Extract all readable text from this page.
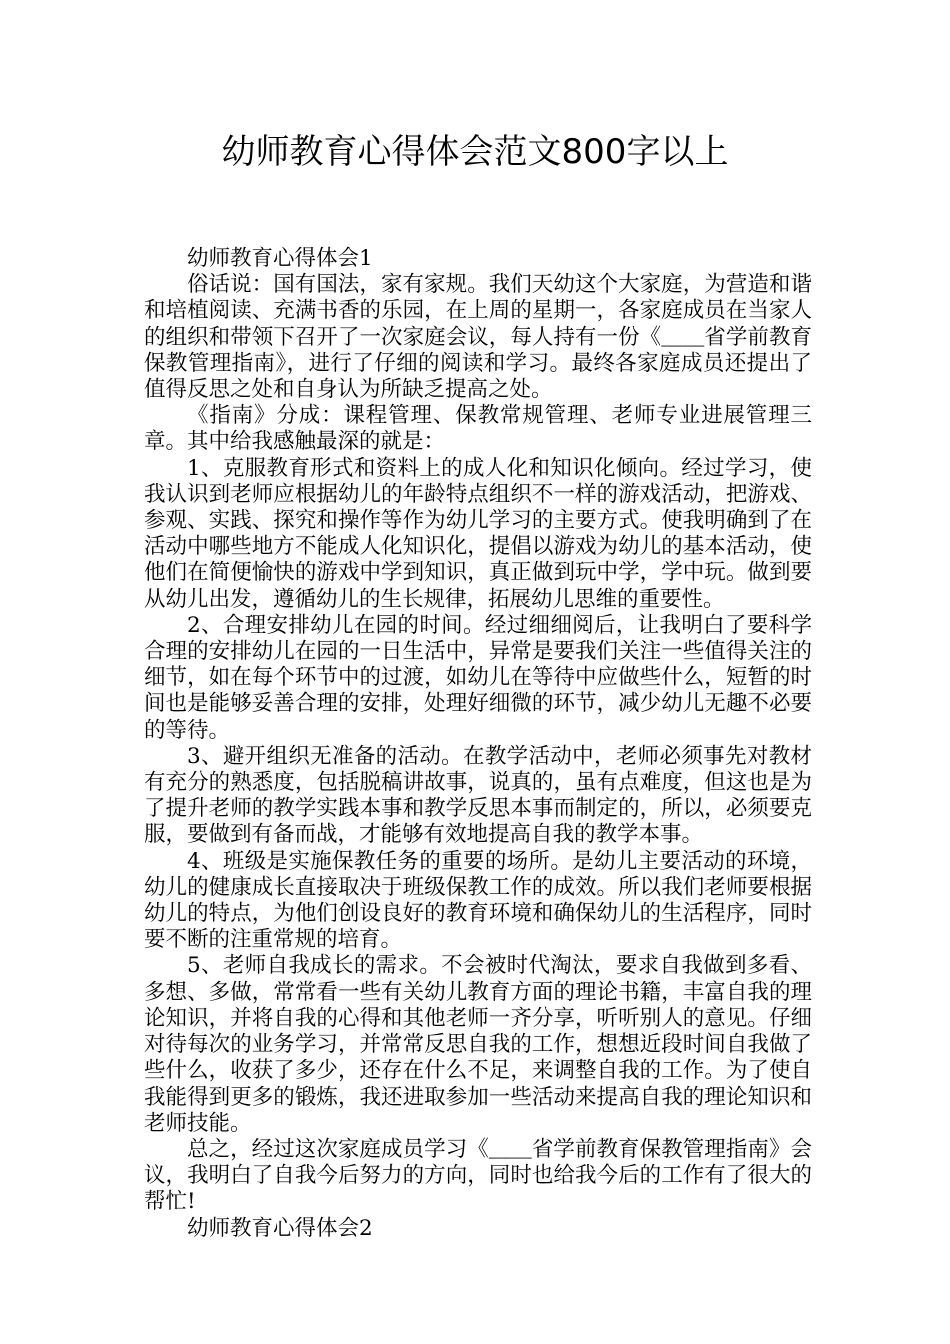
幼师教育心得体会范文800字以上

幼师教育心得体会1

俗话说：国有国法，家有家规。我们天幼这个大家庭，为营造和谐和培植阅读、充满书香的乐园，在上周的星期一，各家庭成员在当家人的组织和带领下召开了一次家庭会议，每人持有一份《＿＿省学前教育保教管理指南》，进行了仔细的阅读和学习。最终各家庭成员还提出了值得反思之处和自身认为所缺乏提高之处。

《指南》分成：课程管理、保教常规管理、老师专业进展管理三章。其中给我感触最深的就是：

1、克服教育形式和资料上的成人化和知识化倾向。经过学习，使我认识到老师应根据幼儿的年龄特点组织不一样的游戏活动，把游戏、参观、实践、探究和操作等作为幼儿学习的主要方式。使我明确到了在活动中哪些地方不能成人化知识化，提倡以游戏为幼儿的基本活动，使他们在简便愉快的游戏中学到知识，真正做到玩中学，学中玩。做到要从幼儿出发，遵循幼儿的生长规律，拓展幼儿思维的重要性。

2、合理安排幼儿在园的时间。经过细细阅后，让我明白了要科学合理的安排幼儿在园的一日生活中，异常是要我们关注一些值得关注的细节，如在每个环节中的过渡，如幼儿在等待中应做些什么，短暂的时间也是能够妥善合理的安排，处理好细微的环节，减少幼儿无趣不必要的等待。

3、避开组织无准备的活动。在教学活动中，老师必须事先对教材有充分的熟悉度，包括脱稿讲故事，说真的，虽有点难度，但这也是为了提升老师的教学实践本事和教学反思本事而制定的，所以，必须要克服，要做到有备而战，才能够有效地提高自我的教学本事。

4、班级是实施保教任务的重要的场所。是幼儿主要活动的环境，幼儿的健康成长直接取决于班级保教工作的成效。所以我们老师要根据幼儿的特点，为他们创设良好的教育环境和确保幼儿的生活程序，同时要不断的注重常规的培育。

5、老师自我成长的需求。不会被时代淘汰，要求自我做到多看、多想、多做，常常看一些有关幼儿教育方面的理论书籍，丰富自我的理论知识，并将自我的心得和其他老师一齐分享，听听别人的意见。仔细对待每次的业务学习，并常常反思自我的工作，想想近段时间自我做了些什么，收获了多少，还存在什么不足，来调整自我的工作。为了使自我能得到更多的锻炼，我还进取参加一些活动来提高自我的理论知识和老师技能。

总之，经过这次家庭成员学习《＿＿省学前教育保教管理指南》会议，我明白了自我今后努力的方向，同时也给我今后的工作有了很大的帮忙!

幼师教育心得体会2
